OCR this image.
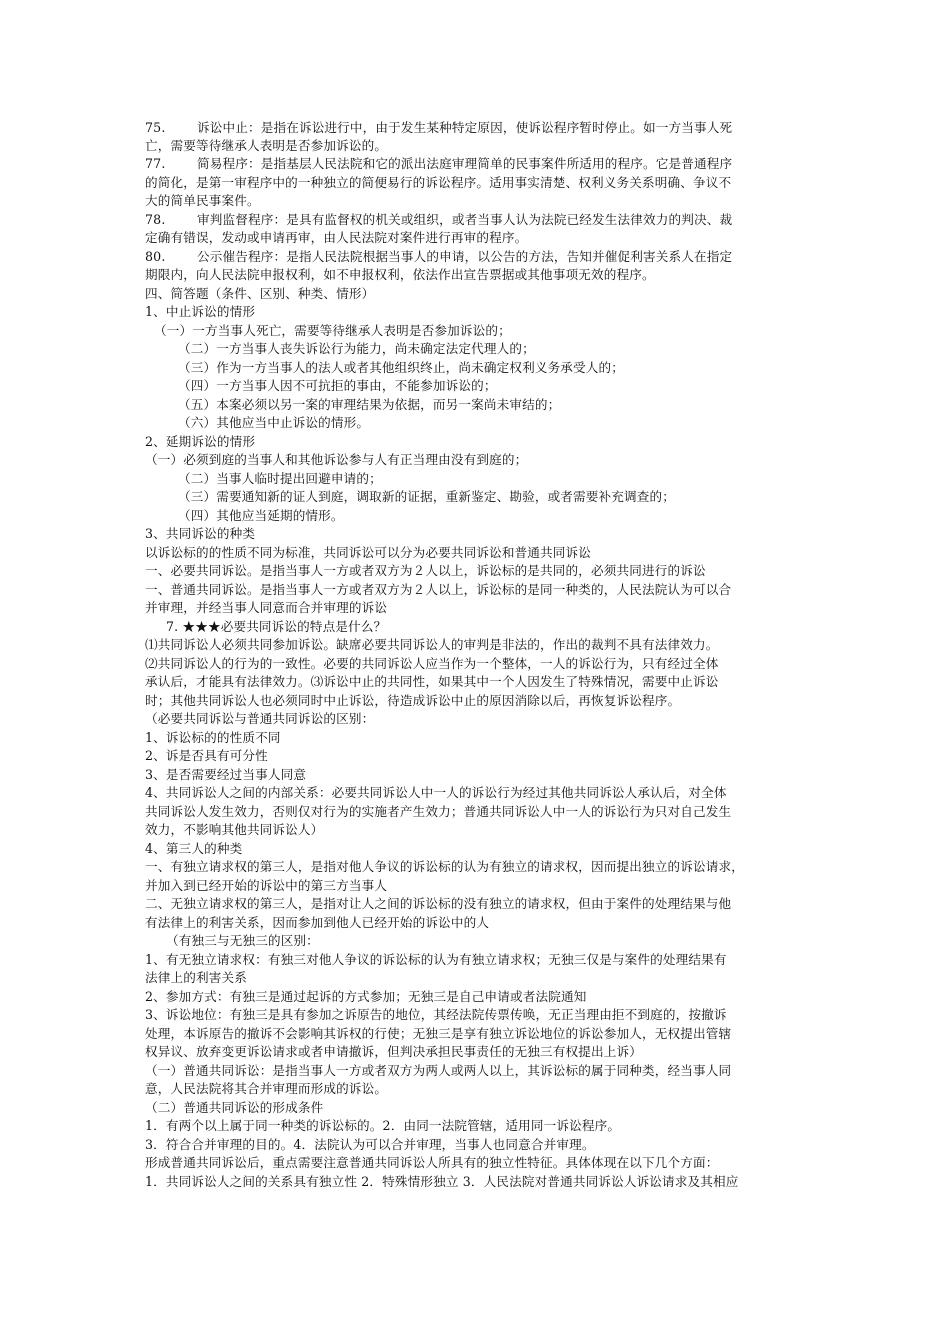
75.	诉讼中止：是指在诉讼进行中，由于发生某种特定原因，使诉讼程序暂时停止。如一方当事人死
亡，需要等待继承人表明是否参加诉讼的。
77.	简易程序：是指基层人民法院和它的派出法庭审理简单的民事案件所适用的程序。它是普通程序
的简化，是第一审程序中的一种独立的简便易行的诉讼程序。适用事实清楚、权利义务关系明确、争议不
大的简单民事案件。
78.	审判监督程序：是具有监督权的机关或组织，或者当事人认为法院已经发生法律效力的判决、裁
定确有错误，发动或申请再审，由人民法院对案件进行再审的程序。
80.	公示催告程序：是指人民法院根据当事人的申请，以公告的方法，告知并催促利害关系人在指定
期限内，向人民法院申报权利，如不申报权利，依法作出宣告票据或其他事项无效的程序。
四、简答题（条件、区别、种类、情形）
1、中止诉讼的情形
（一）一方当事人死亡，需要等待继承人表明是否参加诉讼的；
（二）一方当事人丧失诉讼行为能力，尚未确定法定代理人的；
（三）作为一方当事人的法人或者其他组织终止，尚未确定权利义务承受人的；
（四）一方当事人因不可抗拒的事由，不能参加诉讼的；
（五）本案必须以另一案的审理结果为依据，而另一案尚未审结的；
（六）其他应当中止诉讼的情形。
2、延期诉讼的情形
（一）必须到庭的当事人和其他诉讼参与人有正当理由没有到庭的；
（二）当事人临时提出回避申请的；
（三）需要通知新的证人到庭，调取新的证据，重新鉴定、勘验，或者需要补充调查的；
（四）其他应当延期的情形。
3、共同诉讼的种类
以诉讼标的的性质不同为标准，共同诉讼可以分为必要共同诉讼和普通共同诉讼
一、必要共同诉讼。是指当事人一方或者双方为２人以上，诉讼标的是共同的，必须共同进行的诉讼
一、普通共同诉讼。是指当事人一方或者双方为２人以上，诉讼标的是同一种类的，人民法院认为可以合
并审理，并经当事人同意而合并审理的诉讼
7. ★★★必要共同诉讼的特点是什么？
⑴共同诉讼人必须共同参加诉讼。缺席必要共同诉讼人的审判是非法的，作出的裁判不具有法律效力。
⑵共同诉讼人的行为的一致性。必要的共同诉讼人应当作为一个整体，一人的诉讼行为，只有经过全体
承认后，才能具有法律效力。⑶诉讼中止的共同性，如果其中一个人因发生了特殊情况，需要中止诉讼
时；其他共同诉讼人也必须同时中止诉讼，待造成诉讼中止的原因消除以后，再恢复诉讼程序。
（必要共同诉讼与普通共同诉讼的区别：
1、诉讼标的的性质不同
2、诉是否具有可分性
3、是否需要经过当事人同意
4、共同诉讼人之间的内部关系：必要共同诉讼人中一人的诉讼行为经过其他共同诉讼人承认后，对全体
共同诉讼人发生效力，否则仅对行为的实施者产生效力；普通共同诉讼人中一人的诉讼行为只对自己发生
效力，不影响其他共同诉讼人）
4、第三人的种类
一、有独立请求权的第三人，是指对他人争议的诉讼标的认为有独立的请求权，因而提出独立的诉讼请求，
并加入到已经开始的诉讼中的第三方当事人
二、无独立请求权的第三人，是指对让人之间的诉讼标的没有独立的请求权，但由于案件的处理结果与他
有法律上的利害关系，因而参加到他人已经开始的诉讼中的人
（有独三与无独三的区别：
1、有无独立请求权：有独三对他人争议的诉讼标的认为有独立请求权；无独三仅是与案件的处理结果有
法律上的利害关系
2、参加方式：有独三是通过起诉的方式参加；无独三是自己申请或者法院通知
3、诉讼地位：有独三是具有参加之诉原告的地位，其经法院传票传唤，无正当理由拒不到庭的，按撤诉
处理，本诉原告的撤诉不会影响其诉权的行使；无独三是享有独立诉讼地位的诉讼参加人，无权提出管辖
权异议、放弃变更诉讼请求或者申请撤诉，但判决承担民事责任的无独三有权提出上诉）
（一）普通共同诉讼：是指当事人一方或者双方为两人或两人以上，其诉讼标的属于同种类，经当事人同
意，人民法院将其合并审理而形成的诉讼。
（二）普通共同诉讼的形成条件
1．有两个以上属于同一种类的诉讼标的。2．由同一法院管辖，适用同一诉讼程序。
3．符合合并审理的目的。4．法院认为可以合并审理，当事人也同意合并审理。
形成普通共同诉讼后，重点需要注意普通共同诉讼人所具有的独立性特征。具体体现在以下几个方面：
1．共同诉讼人之间的关系具有独立性 2．特殊情形独立 3．人民法院对普通共同诉讼人诉讼请求及其相应
